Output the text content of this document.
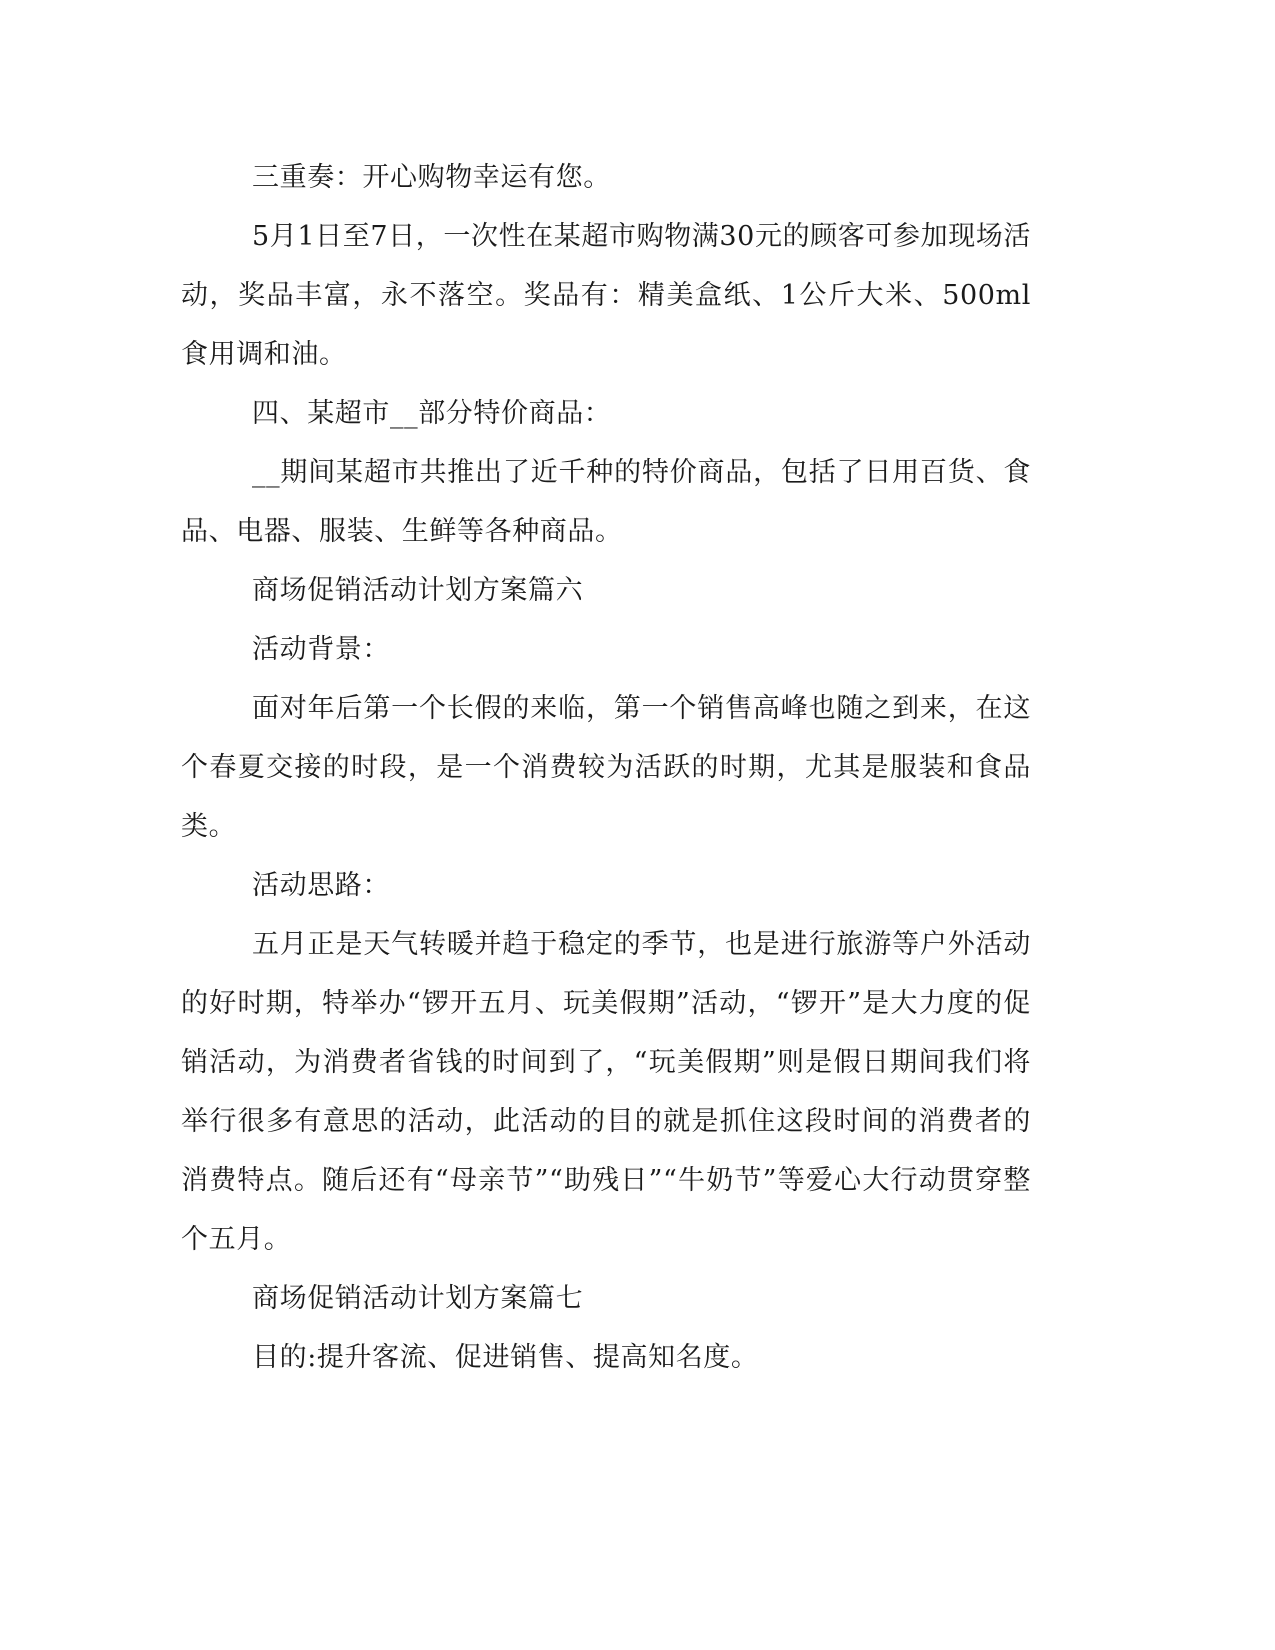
三重奏：开心购物幸运有您。

5月1日至7日，一次性在某超市购物满30元的顾客可参加现场活动，奖品丰富，永不落空。奖品有：精美盒纸、1公斤大米、500ml食用调和油。

四、某超市__部分特价商品：

__期间某超市共推出了近千种的特价商品，包括了日用百货、食品、电器、服装、生鲜等各种商品。

商场促销活动计划方案篇六

活动背景：

面对年后第一个长假的来临，第一个销售高峰也随之到来，在这个春夏交接的时段，是一个消费较为活跃的时期，尤其是服装和食品类。

活动思路：

五月正是天气转暖并趋于稳定的季节，也是进行旅游等户外活动的好时期，特举办“锣开五月、玩美假期”活动，“锣开”是大力度的促销活动，为消费者省钱的时间到了，“玩美假期”则是假日期间我们将举行很多有意思的活动，此活动的目的就是抓住这段时间的消费者的消费特点。随后还有“母亲节”“助残日”“牛奶节”等爱心大行动贯穿整个五月。

商场促销活动计划方案篇七

目的:提升客流、促进销售、提高知名度。
